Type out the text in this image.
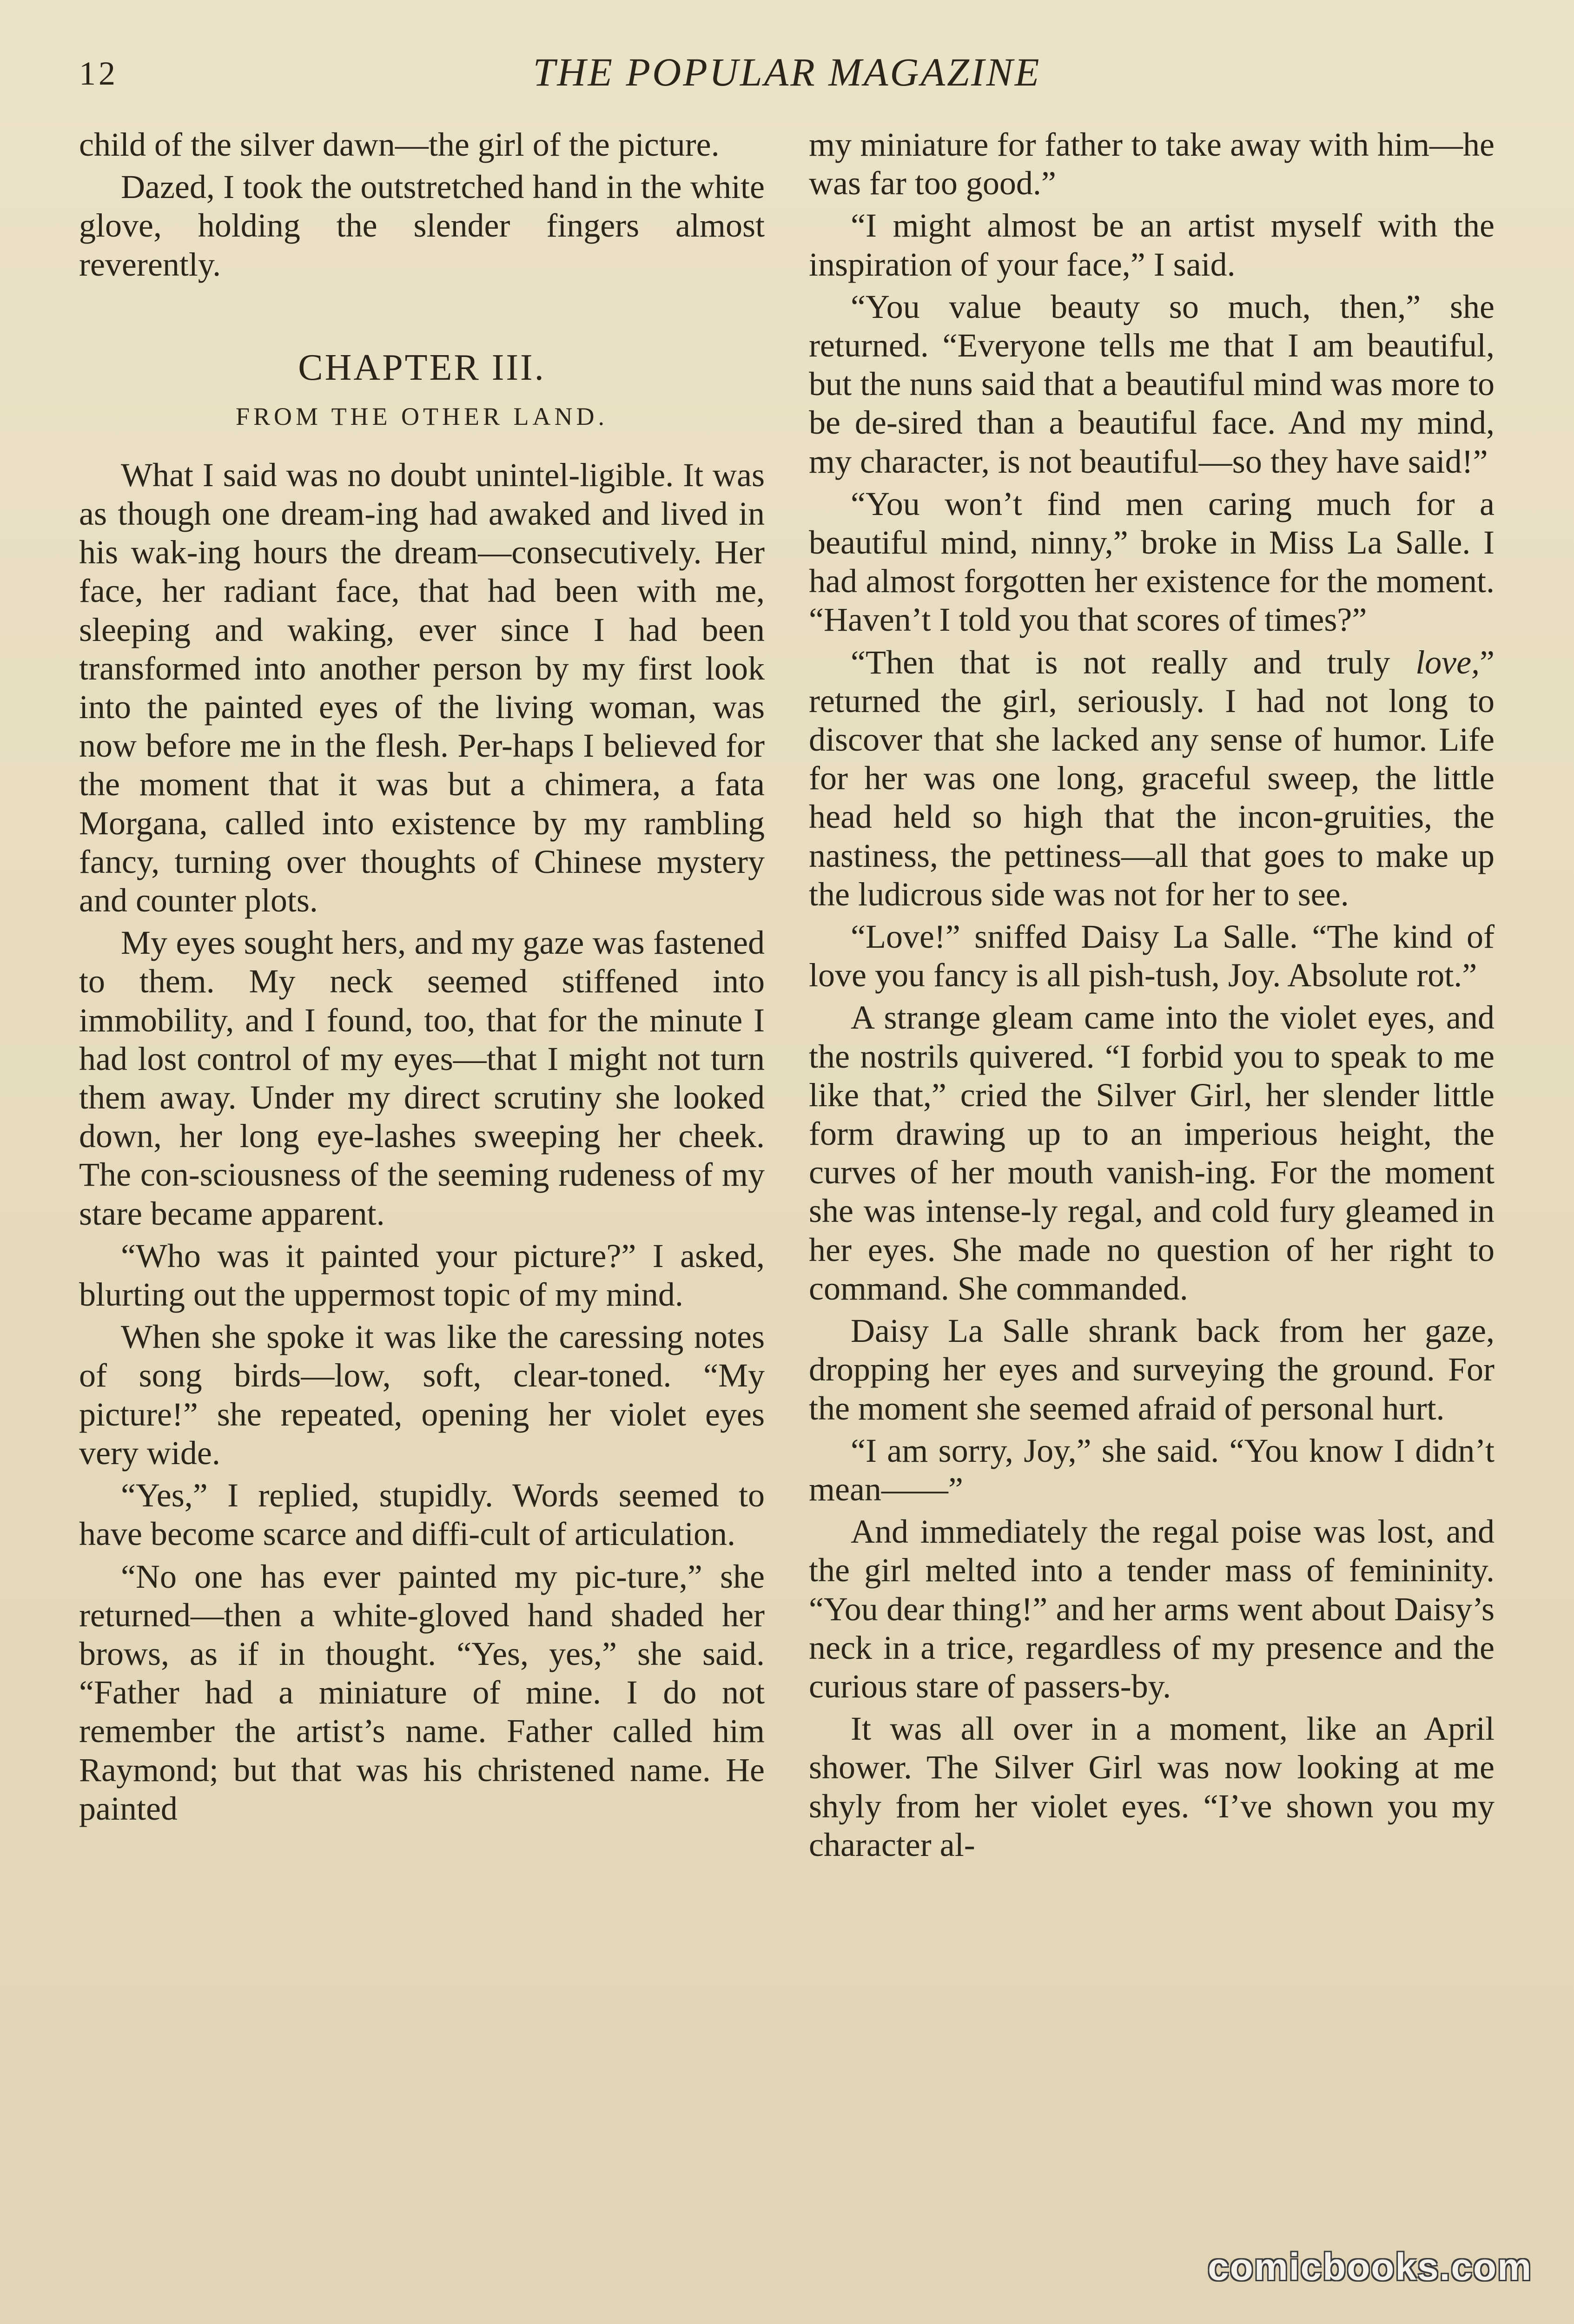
12	THE POPULAR MAGAZINE

child of the silver dawn—the girl of the picture.

Dazed, I took the outstretched hand in the white glove, holding the slender fingers almost reverently.

CHAPTER III.
FROM THE OTHER LAND.

What I said was no doubt unintel-ligible. It was as though one dream-ing had awaked and lived in his wak-ing hours the dream—consecutively. Her face, her radiant face, that had been with me, sleeping and waking, ever since I had been transformed into another person by my first look into the painted eyes of the living woman, was now before me in the flesh. Per-haps I believed for the moment that it was but a chimera, a fata Morgana, called into existence by my rambling fancy, turning over thoughts of Chinese mystery and counter plots.

My eyes sought hers, and my gaze was fastened to them. My neck seemed stiffened into immobility, and I found, too, that for the minute I had lost control of my eyes—that I might not turn them away. Under my direct scrutiny she looked down, her long eye-lashes sweeping her cheek. The con-sciousness of the seeming rudeness of my stare became apparent.

“Who was it painted your picture?” I asked, blurting out the uppermost topic of my mind.

When she spoke it was like the caressing notes of song birds—low, soft, clear-toned. “My picture!” she repeated, opening her violet eyes very wide.

“Yes,” I replied, stupidly. Words seemed to have become scarce and diffi-cult of articulation.

“No one has ever painted my pic-ture,” she returned—then a white-gloved hand shaded her brows, as if in thought. “Yes, yes,” she said. “Father had a miniature of mine. I do not remember the artist’s name. Father called him Raymond; but that was his christened name. He painted

my miniature for father to take away with him—he was far too good.”

“I might almost be an artist myself with the inspiration of your face,” I said.

“You value beauty so much, then,” she returned. “Everyone tells me that I am beautiful, but the nuns said that a beautiful mind was more to be de-sired than a beautiful face. And my mind, my character, is not beautiful—so they have said!”

“You won’t find men caring much for a beautiful mind, ninny,” broke in Miss La Salle. I had almost forgotten her existence for the moment. “Haven’t I told you that scores of times?”

“Then that is not really and truly love,” returned the girl, seriously. I had not long to discover that she lacked any sense of humor. Life for her was one long, graceful sweep, the little head held so high that the incon-gruities, the nastiness, the pettiness—all that goes to make up the ludicrous side was not for her to see.

“Love!” sniffed Daisy La Salle. “The kind of love you fancy is all pish-tush, Joy. Absolute rot.”

A strange gleam came into the violet eyes, and the nostrils quivered. “I forbid you to speak to me like that,” cried the Silver Girl, her slender little form drawing up to an imperious height, the curves of her mouth vanish-ing. For the moment she was intense-ly regal, and cold fury gleamed in her eyes. She made no question of her right to command. She commanded.

Daisy La Salle shrank back from her gaze, dropping her eyes and surveying the ground. For the moment she seemed afraid of personal hurt.

“I am sorry, Joy,” she said. “You know I didn’t mean——”

And immediately the regal poise was lost, and the girl melted into a tender mass of femininity. “You dear thing!” and her arms went about Daisy’s neck in a trice, regardless of my presence and the curious stare of passers-by.

It was all over in a moment, like an April shower. The Silver Girl was now looking at me shyly from her violet eyes. “I’ve shown you my character al-

comicbooks.com
